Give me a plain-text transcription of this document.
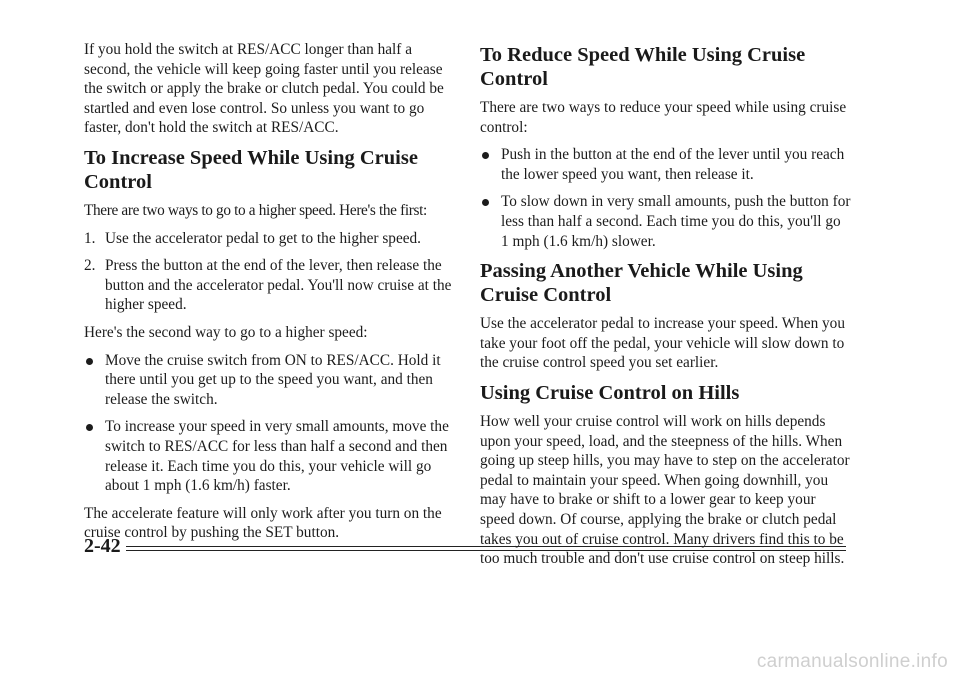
If you hold the switch at RES/ACC longer than half a second, the vehicle will keep going faster until you release the switch or apply the brake or clutch pedal. You could be startled and even lose control. So unless you want to go faster, don't hold the switch at RES/ACC.

To Increase Speed While Using Cruise Control

There are two ways to go to a higher speed. Here's the first:

1. Use the accelerator pedal to get to the higher speed.
2. Press the button at the end of the lever, then release the button and the accelerator pedal. You'll now cruise at the higher speed.

Here's the second way to go to a higher speed:

Move the cruise switch from ON to RES/ACC. Hold it there until you get up to the speed you want, and then release the switch.
To increase your speed in very small amounts, move the switch to RES/ACC for less than half a second and then release it. Each time you do this, your vehicle will go about 1 mph (1.6 km/h) faster.

The accelerate feature will only work after you turn on the cruise control by pushing the SET button.

To Reduce Speed While Using Cruise Control

There are two ways to reduce your speed while using cruise control:

Push in the button at the end of the lever until you reach the lower speed you want, then release it.
To slow down in very small amounts, push the button for less than half a second. Each time you do this, you'll go 1 mph (1.6 km/h) slower.
Passing Another Vehicle While Using Cruise Control

Use the accelerator pedal to increase your speed. When you take your foot off the pedal, your vehicle will slow down to the cruise control speed you set earlier.

Using Cruise Control on Hills

How well your cruise control will work on hills depends upon your speed, load, and the steepness of the hills. When going up steep hills, you may have to step on the accelerator pedal to maintain your speed. When going downhill, you may have to brake or shift to a lower gear to keep your speed down. Of course, applying the brake or clutch pedal takes you out of cruise control. Many drivers find this to be too much trouble and don't use cruise control on steep hills.

2-42
carmanualsonline.info
